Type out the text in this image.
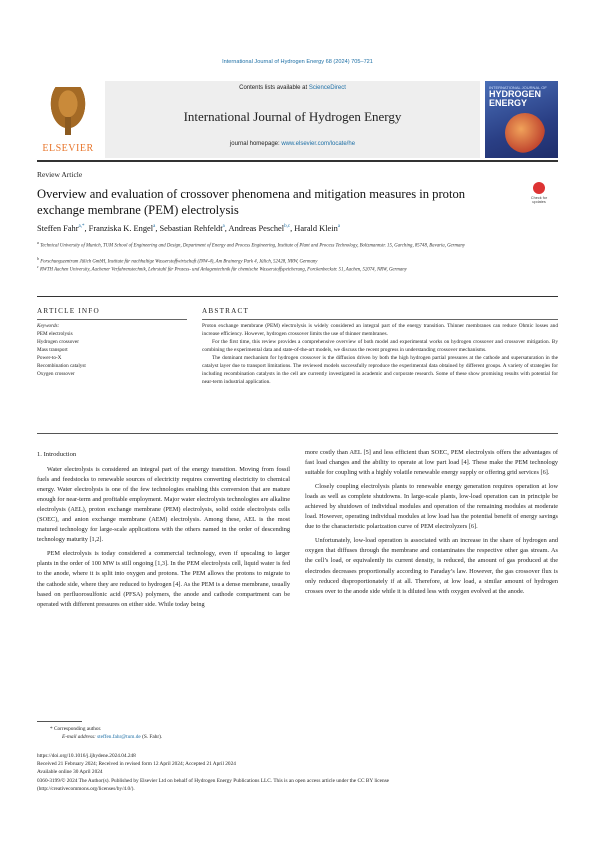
International Journal of Hydrogen Energy 68 (2024) 705–721
ELSEVIER
Contents lists available at ScienceDirect
International Journal of Hydrogen Energy
journal homepage: www.elsevier.com/locate/he
INTERNATIONAL JOURNAL OF
HYDROGEN ENERGY
Review Article
Overview and evaluation of crossover phenomena and mitigation measures in proton exchange membrane (PEM) electrolysis
Check for updates
Steffen Fahr$^{a,*}$, Franziska K. Engel$^a$, Sebastian Rehfeldt$^a$, Andreas Peschel$^{b,c}$, Harald Klein$^a$
$^a$ Technical University of Munich, TUM School of Engineering and Design, Department of Energy and Process Engineering, Institute of Plant and Process Technology, Boltzmannstr. 15, Garching, 85748, Bavaria, Germany
$^b$ Forschungszentrum Jülich GmbH, Institute für nachhaltige Wasserstoffwirtschaft (INW-4), Am Brainergy Park 4, Jülich, 52428, NRW, Germany
$^c$ RWTH Aachen University, Aachener Verfahrenstechnik, Lehrstuhl für Prozess- und Anlagentechnik für chemische Wasserstoffspeicherung, Forckenbeckstr. 51, Aachen, 52074, NRW, Germany
ARTICLE INFO
Keywords:
PEM electrolysis
Hydrogen crossover
Mass transport
Power-to-X
Recombination catalyst
Oxygen crossover
ABSTRACT

Proton exchange membrane (PEM) electrolysis is widely considered an integral part of the energy transition. Thinner membranes can reduce Ohmic losses and increase efficiency. However, hydrogen crossover limits the use of thinner membranes.

For the first time, this review provides a comprehensive overview of both model and experimental works on hydrogen crossover and crossover mitigation. By combining the experimental data and state-of-the-art models, we discuss the recent progress in understanding crossover mechanisms.

The dominant mechanism for hydrogen crossover is the diffusion driven by both the high hydrogen partial pressures at the cathode and supersaturation in the catalyst layer due to transport limitations. The reviewed models successfully reproduce the experimental data obtained by different groups. A variety of strategies for including recombination catalysts in the cell are currently investigated in academic and corporate research. Some of these show promising results with potential for near-term industrial application.

1. Introduction

Water electrolysis is considered an integral part of the energy transition. Moving from fossil fuels and feedstocks to renewable sources of electricity requires converting electricity to chemical energy. Water electrolysis is one of the few technologies enabling this conversion that are mature enough for near-term and profitable employment. Major water electrolysis technologies are alkaline electrolysis (AEL), proton exchange membrane (PEM) electrolysis, solid oxide electrolysis cells (SOEC), and anion exchange membrane (AEM) electrolysis. Among these, AEL is the most matured technology for large-scale applications with the others named in the order of descending technology maturity [1,2].

PEM electrolysis is today considered a commercial technology, even if upscaling to larger plants in the order of 100 MW is still ongoing [1,3]. In the PEM electrolysis cell, liquid water is fed to the anode, where it is split into oxygen and protons. The PEM allows the protons to migrate to the cathode side, where they are reduced to hydrogen [4]. As the PEM is a dense membrane, usually based on perfluorosulfonic acid (PFSA) polymers, the anode and cathode compartment can be operated with different pressures on either side. While today being

more costly than AEL [5] and less efficient than SOEC, PEM electrolysis offers the advantages of fast load changes and the ability to operate at low part load [4]. These make the PEM technology suitable for coupling with a highly volatile renewable energy supply or offering grid services [6].

Closely coupling electrolysis plants to renewable energy generation requires operation at low loads as well as complete shutdowns. In large-scale plants, low-load operation can in principle be achieved by shutdown of individual modules and operation of the remaining modules at moderate load. However, operating individual modules at low load has the potential benefit of energy savings due to the characteristic polarization curve of PEM electrolyzers [6].

Unfortunately, low-load operation is associated with an increase in the share of hydrogen and oxygen that diffuses through the membrane and contaminates the respective other gas stream. As the cell’s load, or equivalently its current density, is reduced, the amount of gas produced at the electrodes decreases proportionally according to Faraday’s law. However, the gas crossover flux is only reduced disproportionately if at all. Therefore, at low load, a similar amount of hydrogen crosses over to the anode side while it is diluted less with oxygen evolved at the anode.

* Corresponding author.
E-mail address: steffen.fahr@tum.de (S. Fahr).
https://doi.org/10.1016/j.ijhydene.2024.04.248
Received 21 February 2024; Received in revised form 12 April 2024; Accepted 21 April 2024
Available online 30 April 2024
0360-3199/© 2024 The Author(s). Published by Elsevier Ltd on behalf of Hydrogen Energy Publications LLC. This is an open access article under the CC BY license
(http://creativecommons.org/licenses/by/4.0/).
